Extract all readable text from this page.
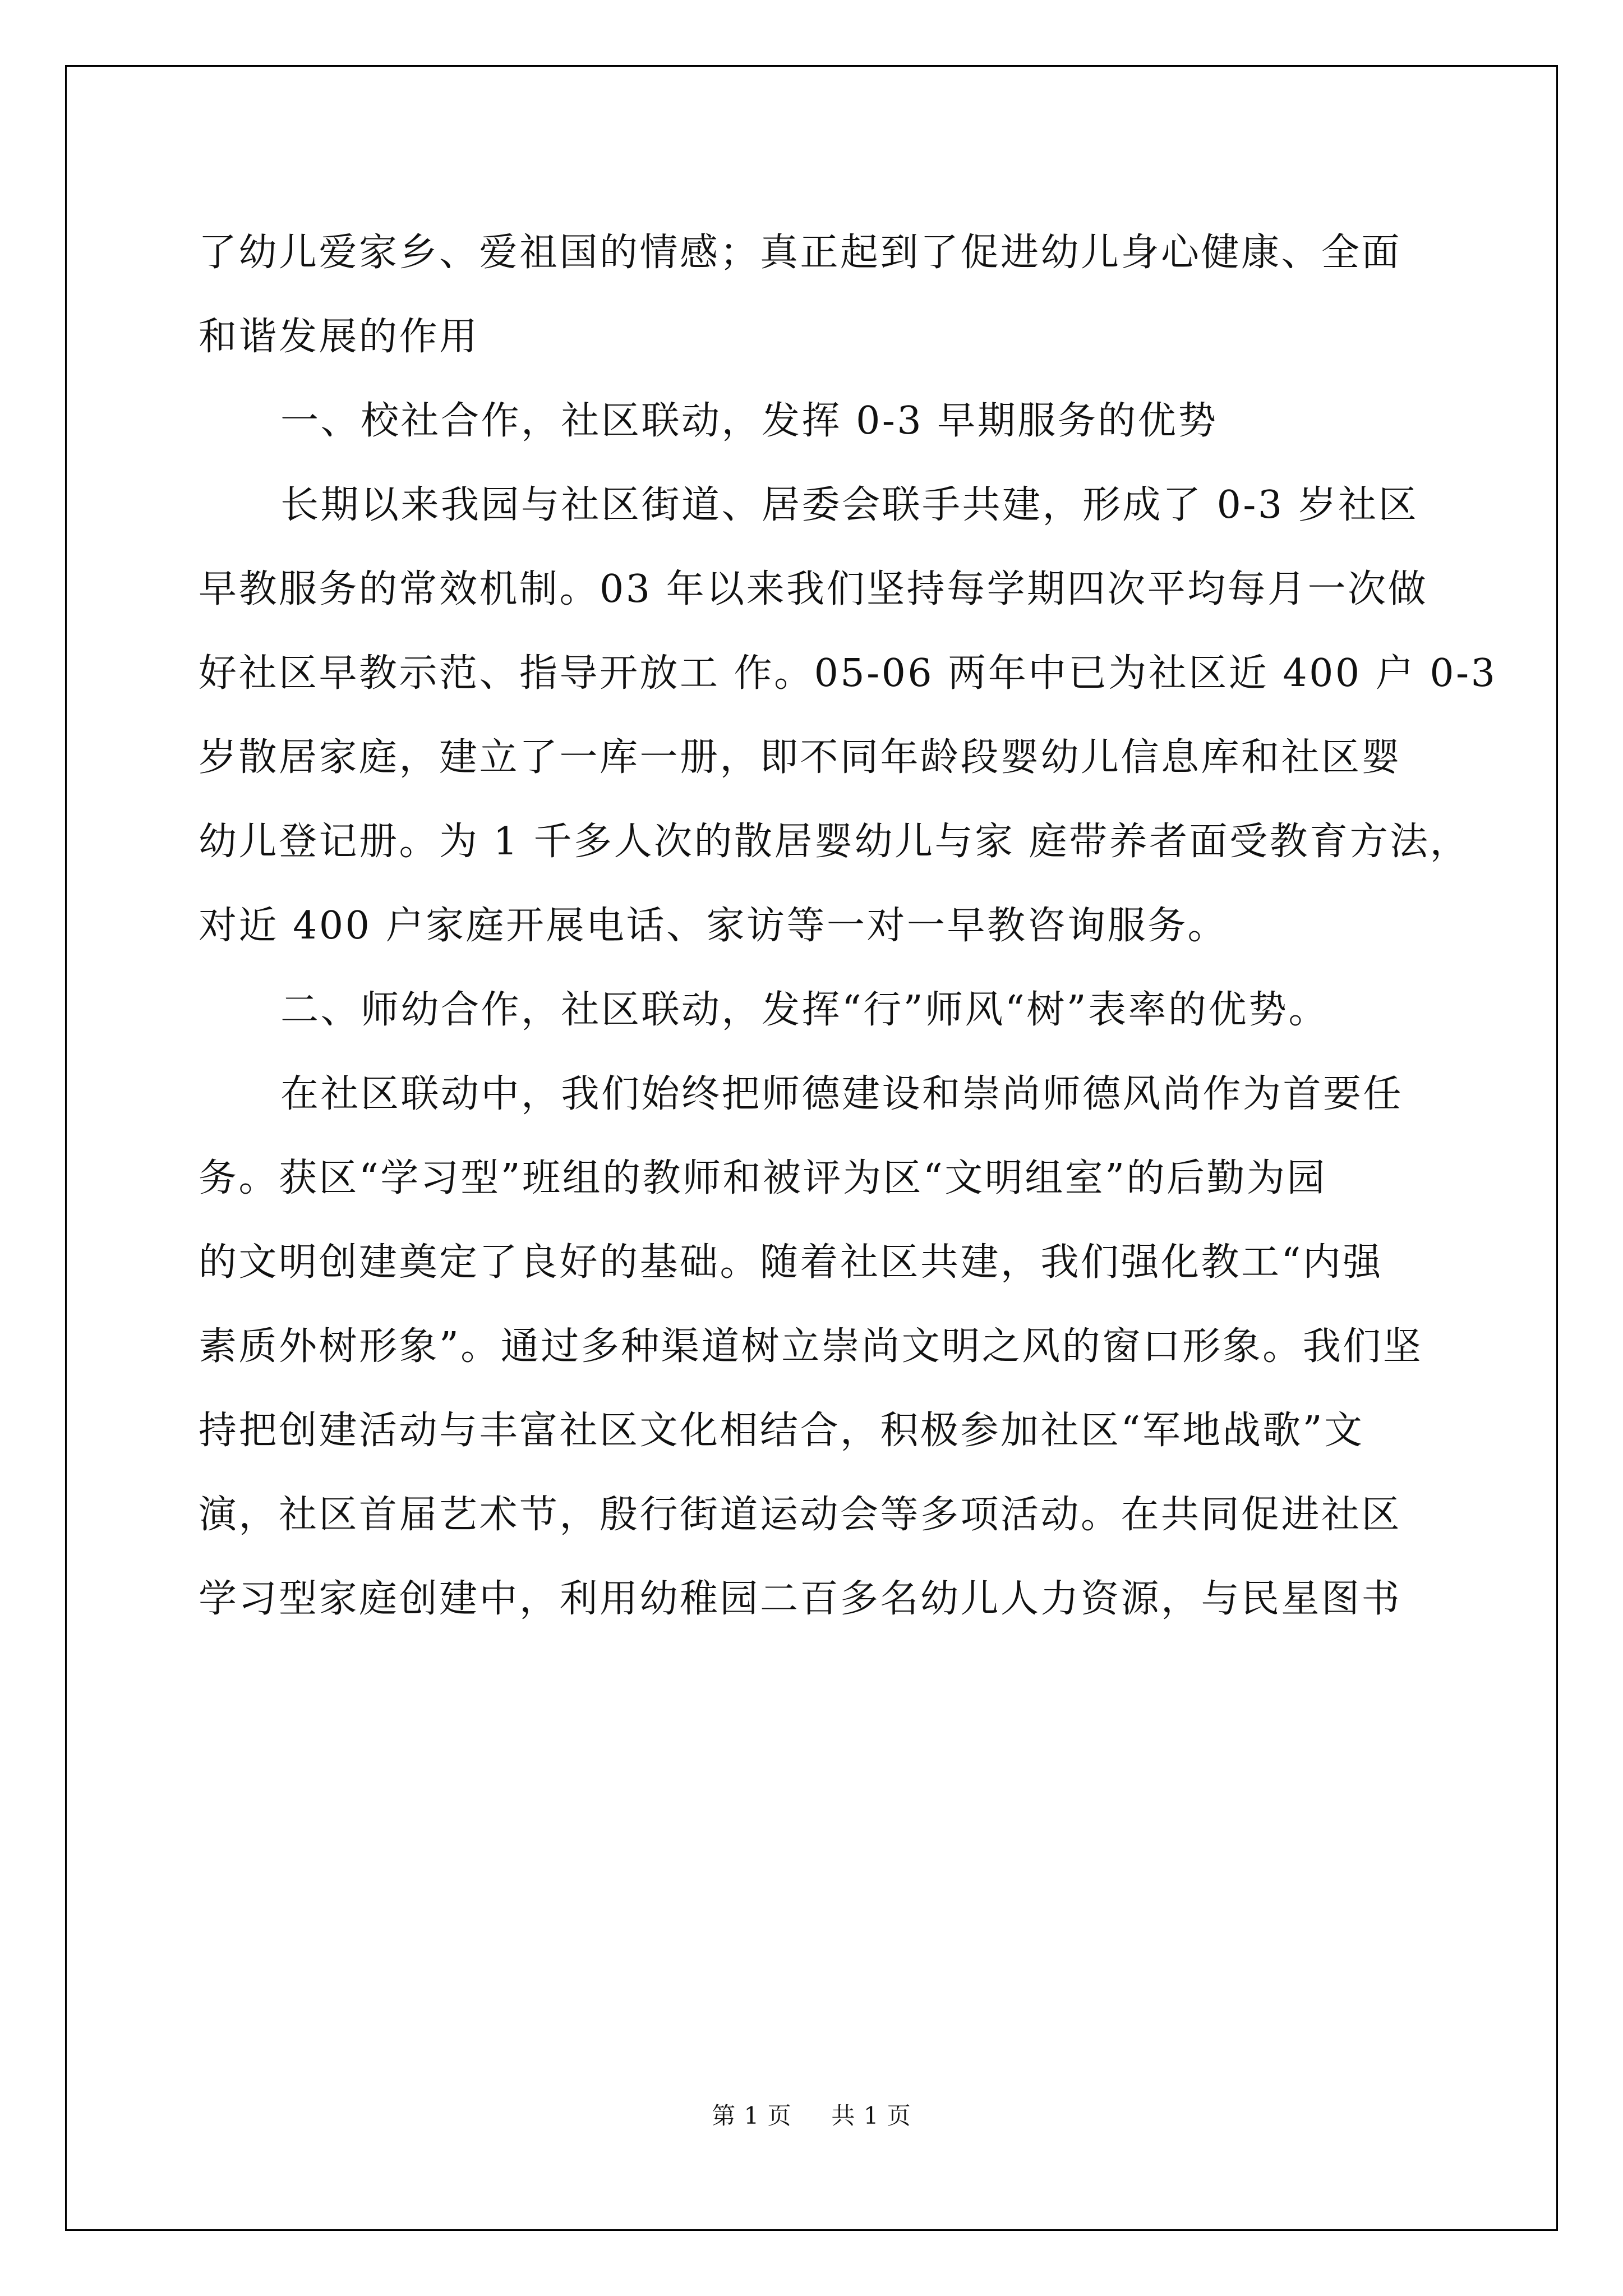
了幼儿爱家乡、爱祖国的情感；真正起到了促进幼儿身心健康、全面
和谐发展的作用
一、校社合作，社区联动，发挥 0-3 早期服务的优势
长期以来我园与社区街道、居委会联手共建，形成了 0-3 岁社区
早教服务的常效机制。03 年以来我们坚持每学期四次平均每月一次做
好社区早教示范、指导开放工 作。05-06 两年中已为社区近 400 户 0-3
岁散居家庭，建立了一库一册，即不同年龄段婴幼儿信息库和社区婴
幼儿登记册。为 1 千多人次的散居婴幼儿与家 庭带养者面受教育方法，
对近 400 户家庭开展电话、家访等一对一早教咨询服务。
二、师幼合作，社区联动，发挥“行”师风“树”表率的优势。
在社区联动中，我们始终把师德建设和崇尚师德风尚作为首要任
务。获区“学习型”班组的教师和被评为区“文明组室”的后勤为园
的文明创建奠定了良好的基础。随着社区共建，我们强化教工“内强
素质外树形象”。通过多种渠道树立崇尚文明之风的窗口形象。我们坚
持把创建活动与丰富社区文化相结合，积极参加社区“军地战歌”文
演，社区首届艺术节，殷行街道运动会等多项活动。在共同促进社区
学习型家庭创建中，利用幼稚园二百多名幼儿人力资源，与民星图书
第 1 页 共 1 页
